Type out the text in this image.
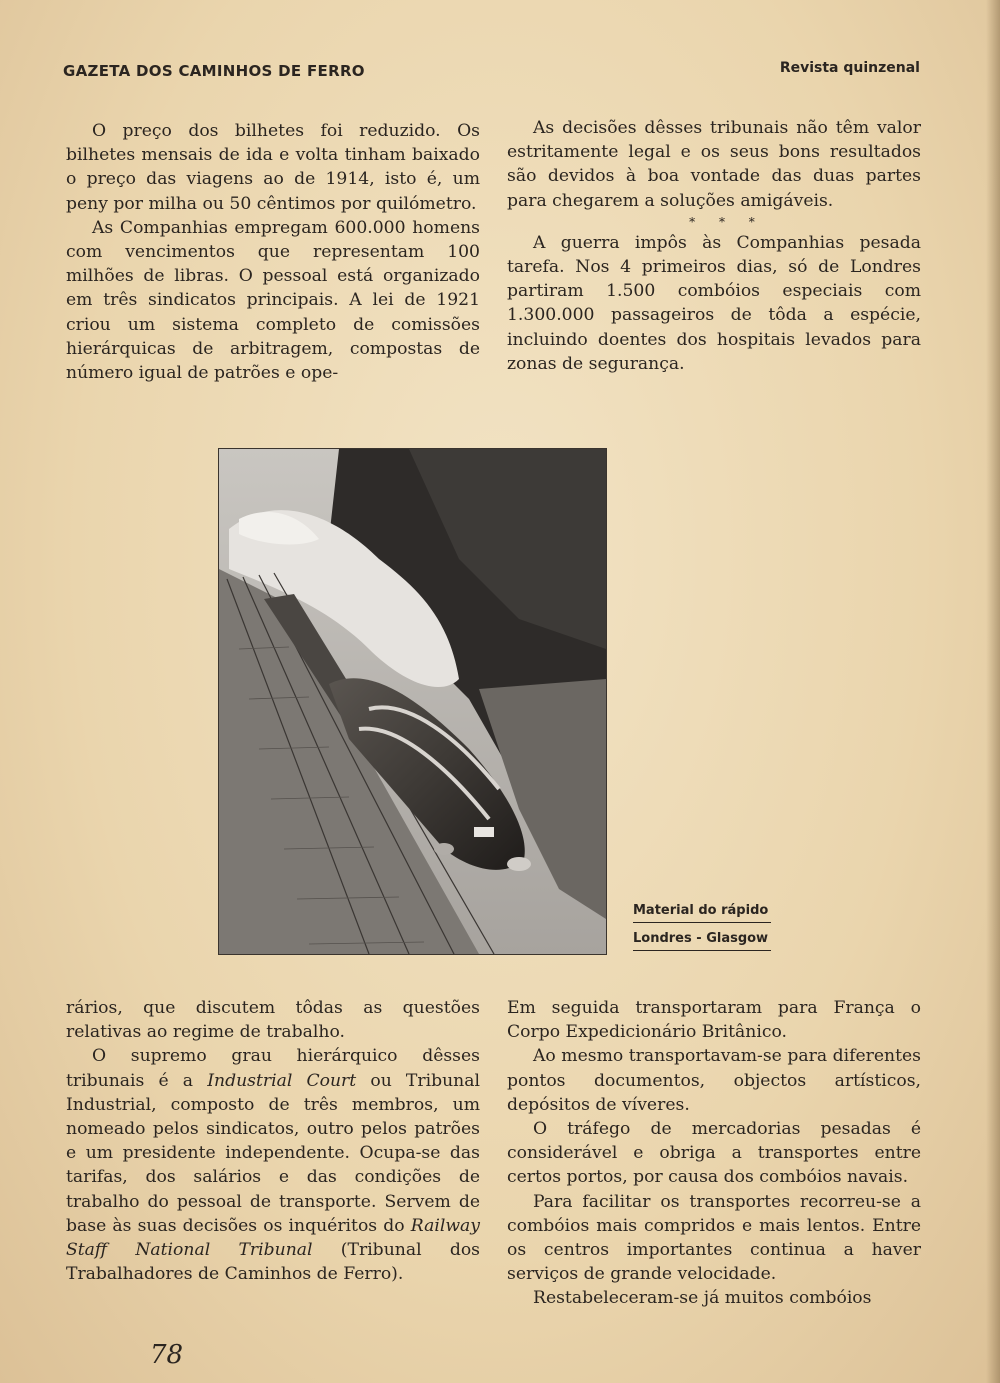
GAZETA DOS CAMINHOS DE FERRO	Revista quinzenal

O preço dos bilhetes foi reduzido. Os bilhetes mensais de ida e volta tinham baixado o preço das viagens ao de 1914, isto é, um peny por milha ou 50 cêntimos por quilómetro.

As Companhias empregam 600.000 homens com vencimentos que representam 100 milhões de libras. O pessoal está organizado em três sindicatos principais. A lei de 1921 criou um sistema completo de comissões hierárquicas de arbitragem, compostas de número igual de patrões e ope-

As decisões dêsses tribunais não têm valor estritamente legal e os seus bons resultados são devidos à boa vontade das duas partes para chegarem a soluções amigáveis.

* * *

A guerra impôs às Companhias pesada tarefa. Nos 4 primeiros dias, só de Londres partiram 1.500 combóios especiais com 1.300.000 passageiros de tôda a espécie, incluindo doentes dos hospitais levados para zonas de segurança.

Material do rápido
Londres - Glasgow

rários, que discutem tôdas as questões relativas ao regime de trabalho.

O supremo grau hierárquico dêsses tribunais é a Industrial Court ou Tribunal Industrial, composto de três membros, um nomeado pelos sindicatos, outro pelos patrões e um presidente independente. Ocupa-se das tarifas, dos salários e das condições de trabalho do pessoal de transporte. Servem de base às suas decisões os inquéritos do Railway Staff National Tribunal (Tribunal dos Trabalhadores de Caminhos de Ferro).

Em seguida transportaram para França o Corpo Expedicionário Britânico.

Ao mesmo transportavam-se para diferentes pontos documentos, objectos artísticos, depósitos de víveres.

O tráfego de mercadorias pesadas é considerável e obriga a transportes entre certos portos, por causa dos combóios navais.

Para facilitar os transportes recorreu-se a combóios mais compridos e mais lentos. Entre os centros importantes continua a haver serviços de grande velocidade.

Restabeleceram-se já muitos combóios

78
